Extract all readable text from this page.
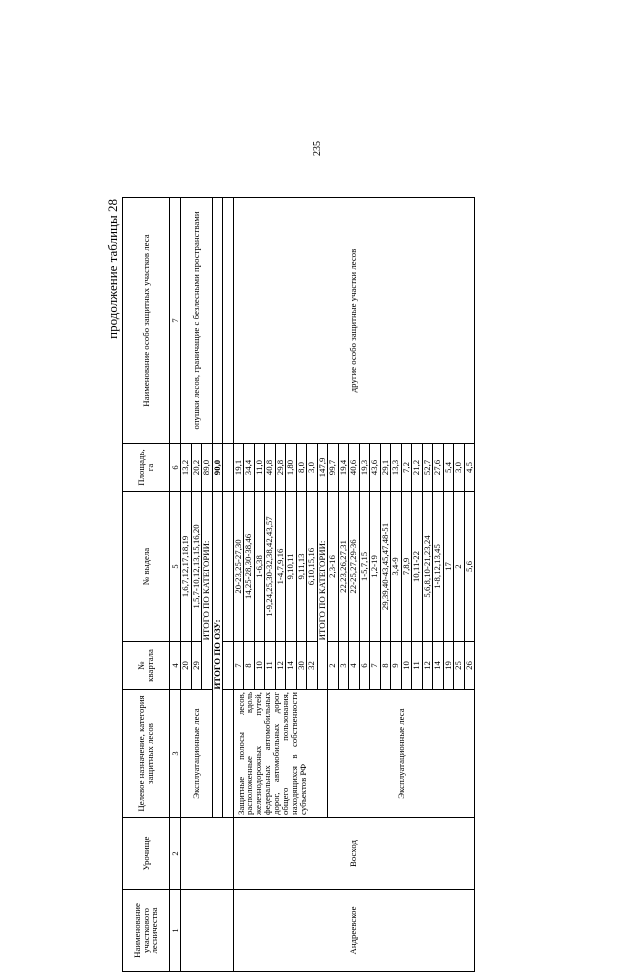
235
продолжение таблицы 28
Наименование участкового лесничества	Урочище	Целевое назначение, категория защитных лесов	№ квартала	№ выдела	Площадь, га	Наименование особо защитных участков леса
1	2	3	4	5	6	7
		Эксплуатационные леса	20	1,6,7,12,17,18,19	13,2	опушки лесов, граничащие с безлесными пространствами
			29	1,5,7-10,12,13,15,16,20	20,2	
			ИТОГО ПО КАТЕГОРИИ:		89,0	
		ИТОГО ПО ОЗУ:			90,0	

Андреевское	Восход	Защитные полосы лесов, расположенные вдоль железнодорожных путей, федеральных автомобильных дорог, автомобильных дорог общего пользования, находящихся в собственности субъектов РФ	7	20-23,25-27,30	19,1	другие особо защитные участки лесов
			8	14,25-28,30-38,46	34,4	
			10	1-6,38	11,0	
			11	1-9,24,25,30-32,38,42,43,57	40,8	
			12	1-4,7,9,16	29,8	
			14	9,10,11	1,80	
			30	9,11,13	8,0	
			32	6,10,15,16	3,0	
			ИТОГО ПО КАТЕГОРИИ:		147,9	
		Эксплуатационные леса	2	2,3-16	99,7	
			3	22,23,26,27,31	19,4	
			4	22-25,27,29-36	40,6	
			6	1-5,7,15	19,3	
			7	1,2-19	43,6	
			8	29,39,40-43,45,47,48-51	29,1	
			9	3,4-9	13,3	
			10	7,8,9	7,2	
			11	10,11-22	21,2	
			12	5,6,8,10-21,23,24	52,7	
			14	1-8,12,13,45	27,6	
			19	17	5,4	
			25	2	3,0	
			26	5,6	4,5	
